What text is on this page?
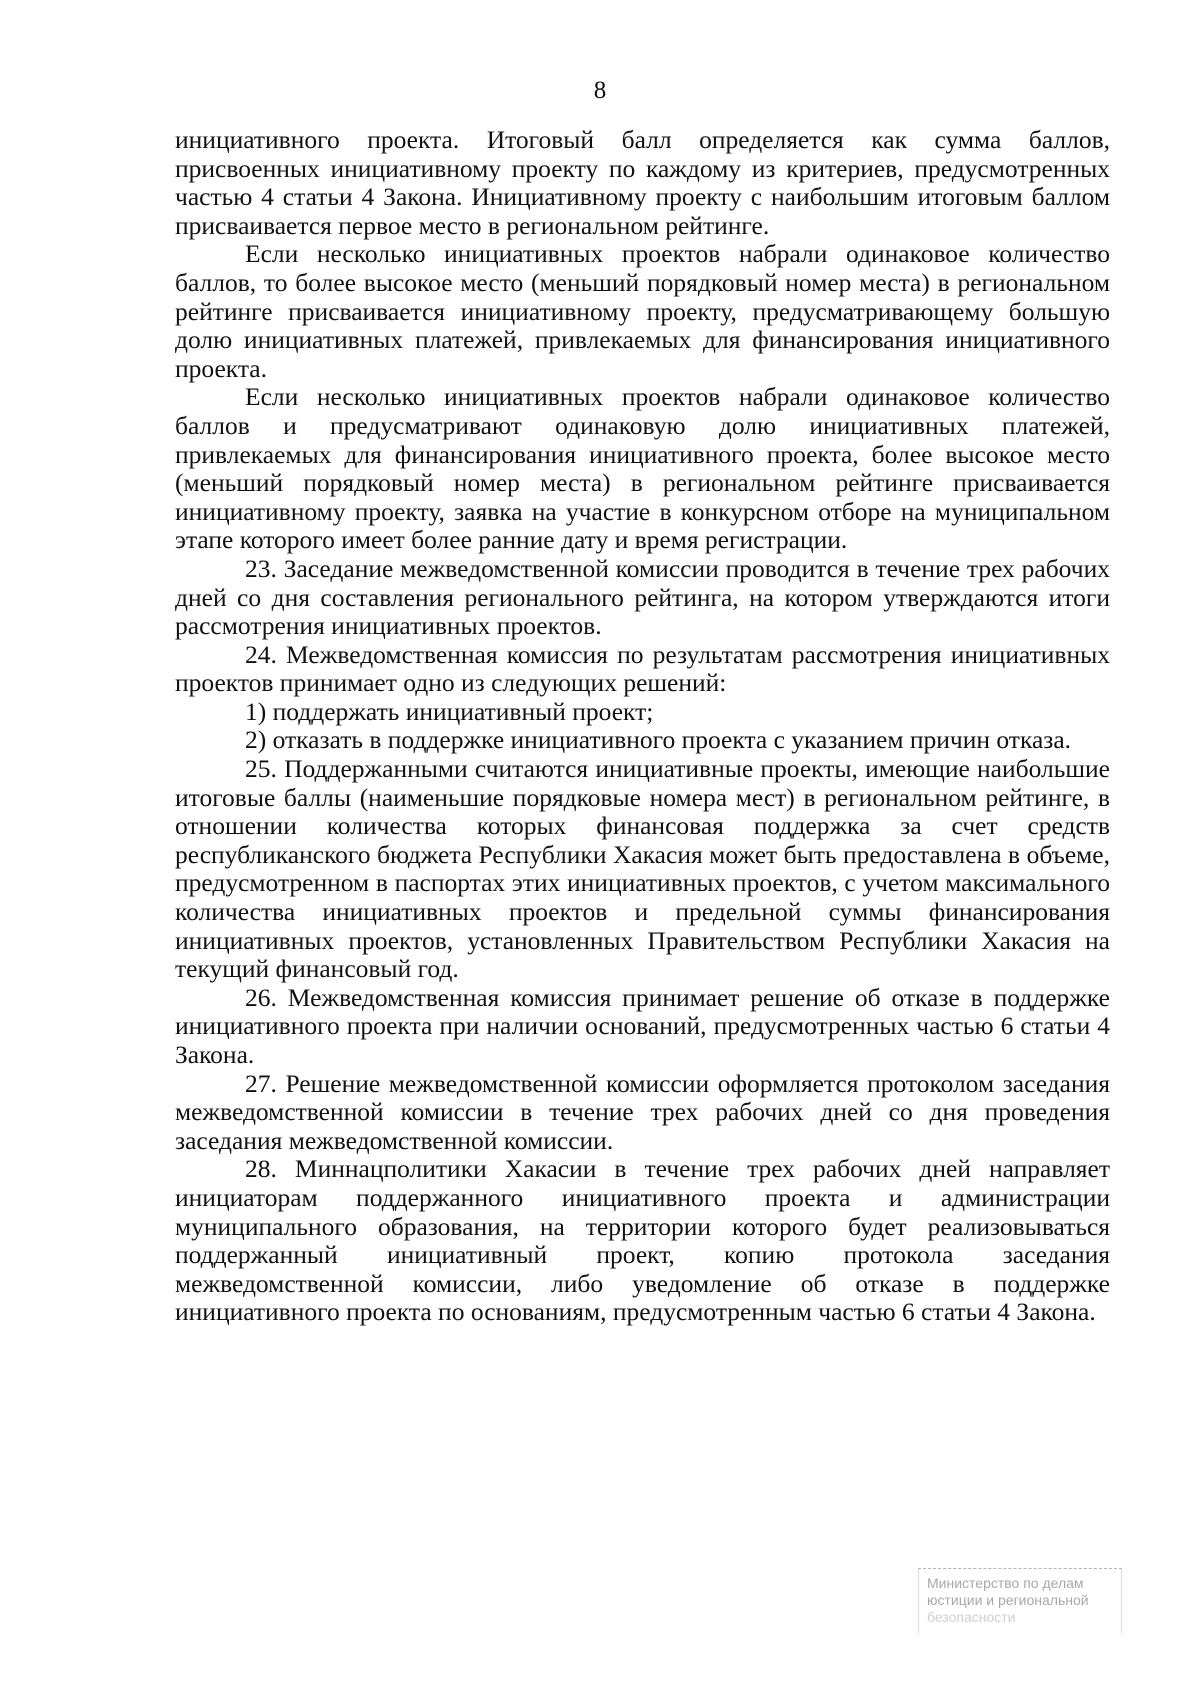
8

инициативного проекта. Итоговый балл определяется как сумма баллов, присвоенных инициативному проекту по каждому из критериев, предусмотренных частью 4 статьи 4 Закона. Инициативному проекту с наибольшим итоговым баллом присваивается первое место в региональном рейтинге.

Если несколько инициативных проектов набрали одинаковое количество баллов, то более высокое место (меньший порядковый номер места) в региональном рейтинге присваивается инициативному проекту, предусматривающему большую долю инициативных платежей, привлекаемых для финансирования инициативного проекта.

Если несколько инициативных проектов набрали одинаковое количество баллов и предусматривают одинаковую долю инициативных платежей, привлекаемых для финансирования инициативного проекта, более высокое место (меньший порядковый номер места) в региональном рейтинге присваивается инициативному проекту, заявка на участие в конкурсном отборе на муниципальном этапе которого имеет более ранние дату и время регистрации.

23. Заседание межведомственной комиссии проводится в течение трех рабочих дней со дня составления регионального рейтинга, на котором утверждаются итоги рассмотрения инициативных проектов.

24. Межведомственная комиссия по результатам рассмотрения инициативных проектов принимает одно из следующих решений:

1) поддержать инициативный проект;

2) отказать в поддержке инициативного проекта с указанием причин отказа.

25. Поддержанными считаются инициативные проекты, имеющие наибольшие итоговые баллы (наименьшие порядковые номера мест) в региональном рейтинге, в отношении количества которых финансовая поддержка за счет средств республиканского бюджета Республики Хакасия может быть предоставлена в объеме, предусмотренном в паспортах этих инициативных проектов, с учетом максимального количества инициативных проектов и предельной суммы финансирования инициативных проектов, установленных Правительством Республики Хакасия на текущий финансовый год.

26. Межведомственная комиссия принимает решение об отказе в поддержке инициативного проекта при наличии оснований, предусмотренных частью 6 статьи 4 Закона.

27. Решение межведомственной комиссии оформляется протоколом заседания межведомственной комиссии в течение трех рабочих дней со дня проведения заседания межведомственной комиссии.

28. Миннацполитики Хакасии в течение трех рабочих дней направляет инициаторам поддержанного инициативного проекта и администрации муниципального образования, на территории которого будет реализовываться поддержанный инициативный проект, копию протокола заседания межведомственной комиссии, либо уведомление об отказе в поддержке инициативного проекта по основаниям, предусмотренным частью 6 статьи 4 Закона.

Министерство по делам
юстиции и региональной
безопасности
